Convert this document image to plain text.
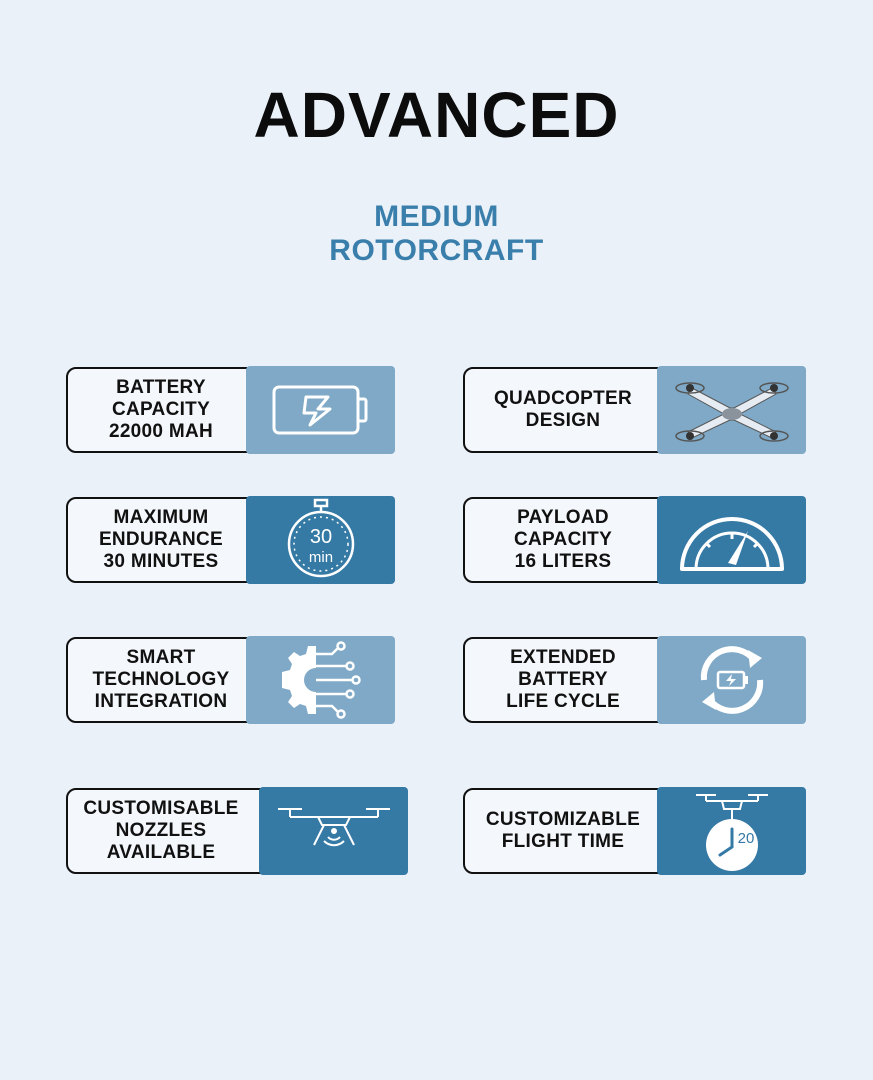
ADVANCED
MEDIUM
ROTORCRAFT
BATTERY
CAPACITY
22000 MAH
QUADCOPTER
DESIGN
MAXIMUM
ENDURANCE
30 MINUTES
30
min
PAYLOAD
CAPACITY
16 LITERS
SMART
TECHNOLOGY
INTEGRATION
EXTENDED
BATTERY
LIFE CYCLE
CUSTOMISABLE
NOZZLES
AVAILABLE
CUSTOMIZABLE
FLIGHT TIME	20
